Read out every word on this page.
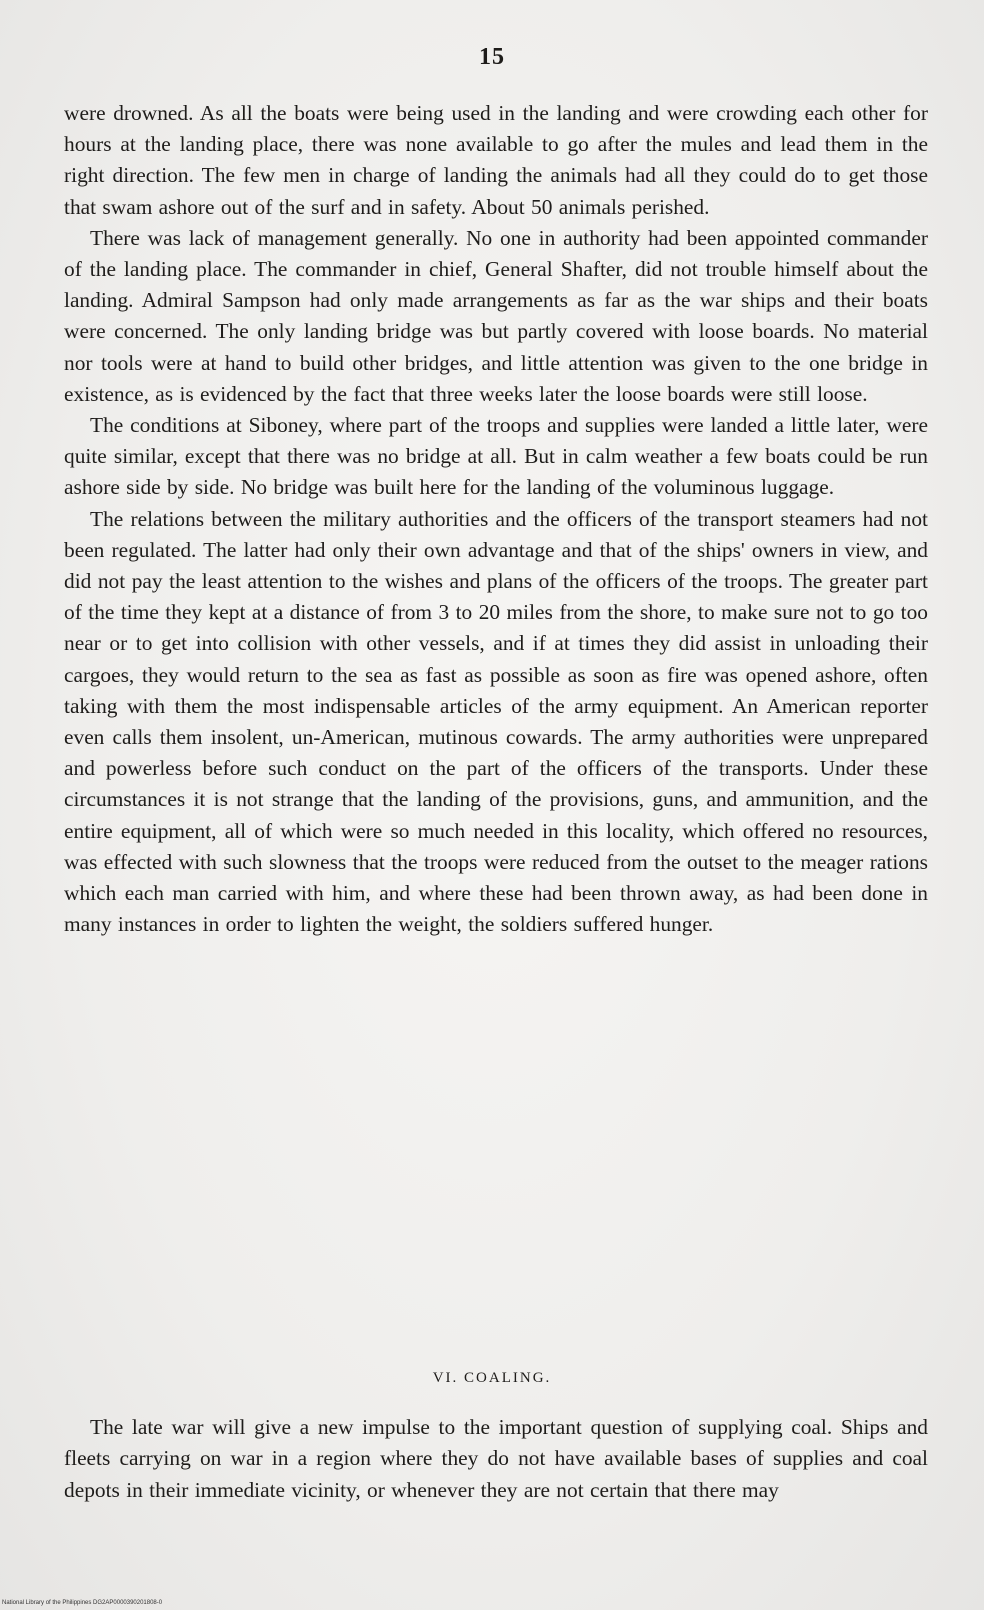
15

were drowned. As all the boats were being used in the landing and were crowding each other for hours at the landing place, there was none available to go after the mules and lead them in the right direction. The few men in charge of landing the animals had all they could do to get those that swam ashore out of the surf and in safety. About 50 animals perished.

There was lack of management generally. No one in authority had been appointed commander of the landing place. The commander in chief, General Shafter, did not trouble himself about the landing. Admiral Sampson had only made arrangements as far as the war ships and their boats were concerned. The only landing bridge was but partly covered with loose boards. No material nor tools were at hand to build other bridges, and little attention was given to the one bridge in existence, as is evidenced by the fact that three weeks later the loose boards were still loose.

The conditions at Siboney, where part of the troops and supplies were landed a little later, were quite similar, except that there was no bridge at all. But in calm weather a few boats could be run ashore side by side. No bridge was built here for the landing of the voluminous luggage.

The relations between the military authorities and the officers of the transport steamers had not been regulated. The latter had only their own advantage and that of the ships' owners in view, and did not pay the least attention to the wishes and plans of the officers of the troops. The greater part of the time they kept at a distance of from 3 to 20 miles from the shore, to make sure not to go too near or to get into collision with other vessels, and if at times they did assist in unloading their cargoes, they would return to the sea as fast as possible as soon as fire was opened ashore, often taking with them the most indispensable articles of the army equipment. An American reporter even calls them insolent, un-American, mutinous cowards. The army authorities were unprepared and powerless before such conduct on the part of the officers of the transports. Under these circumstances it is not strange that the landing of the provisions, guns, and ammunition, and the entire equipment, all of which were so much needed in this locality, which offered no resources, was effected with such slowness that the troops were reduced from the outset to the meager rations which each man carried with him, and where these had been thrown away, as had been done in many instances in order to lighten the weight, the soldiers suffered hunger.

VI. COALING.

The late war will give a new impulse to the important question of supplying coal. Ships and fleets carrying on war in a region where they do not have available bases of supplies and coal depots in their immediate vicinity, or whenever they are not certain that there may

National Library of the Philippines DG2AP0000390201808-0
